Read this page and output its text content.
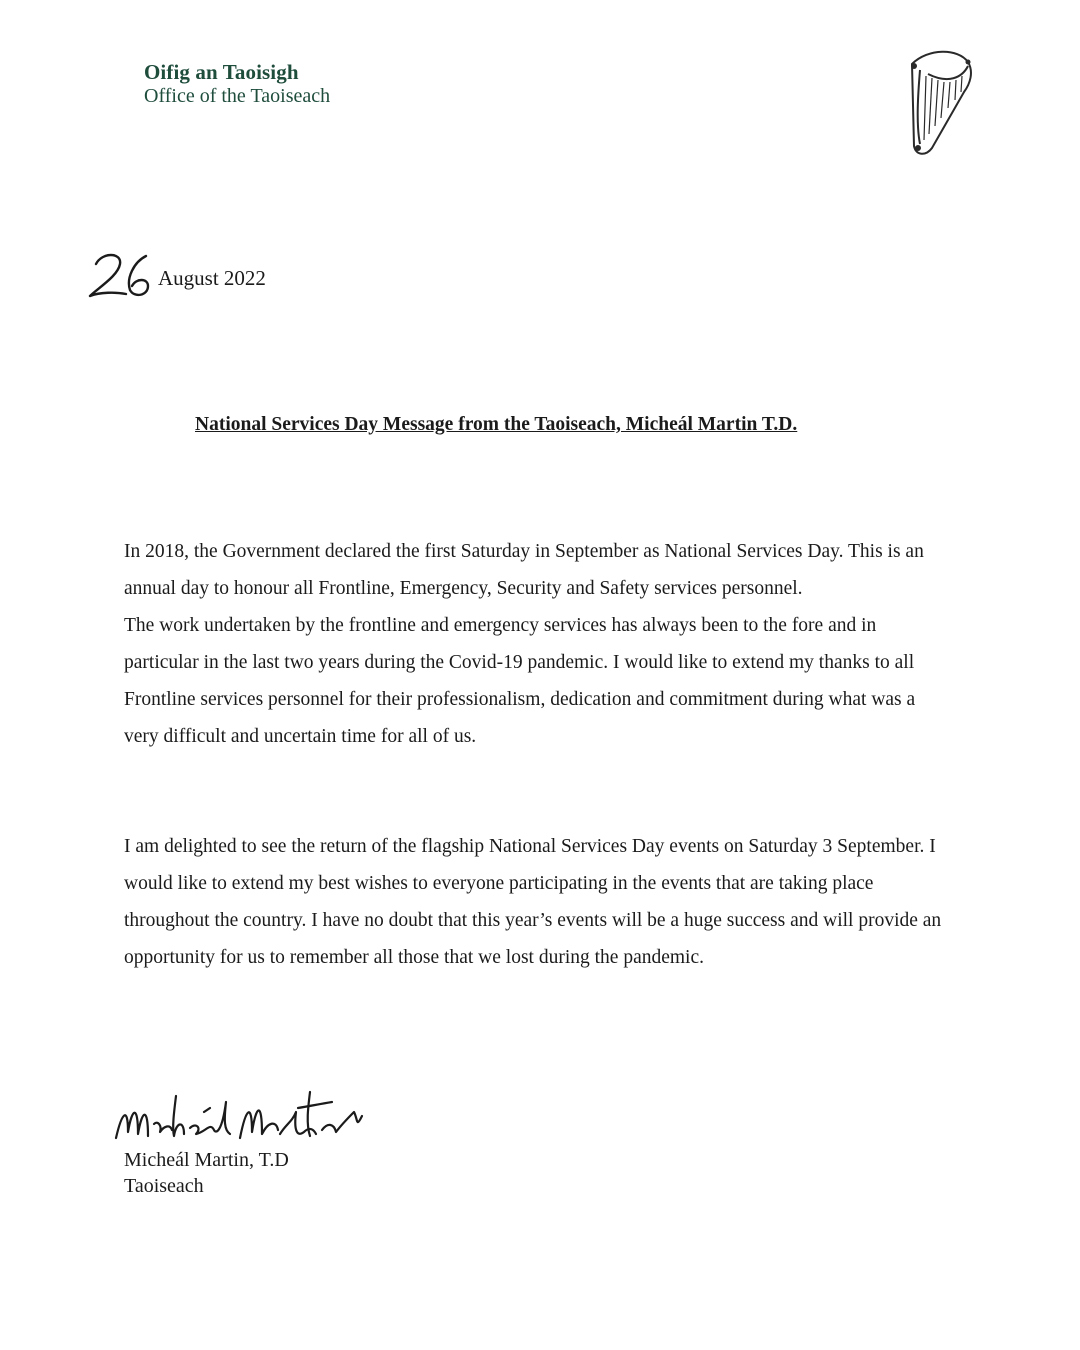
Oifig an Taoisigh
Office of the Taoiseach
August 2022
National Services Day Message from the Taoiseach, Micheál Martin T.D.
In 2018, the Government declared the first Saturday in September as National Services Day. This is an annual day to honour all Frontline, Emergency, Security and Safety services personnel.
The work undertaken by the frontline and emergency services has always been to the fore and in particular in the last two years during the Covid-19 pandemic. I would like to extend my thanks to all Frontline services personnel for their professionalism, dedication and commitment during what was a very difficult and uncertain time for all of us.
I am delighted to see the return of the flagship National Services Day events on Saturday 3 September. I would like to extend my best wishes to everyone participating in the events that are taking place throughout the country. I have no doubt that this year’s events will be a huge success and will provide an opportunity for us to remember all those that we lost during the pandemic.
Micheál Martin, T.D
Taoiseach
